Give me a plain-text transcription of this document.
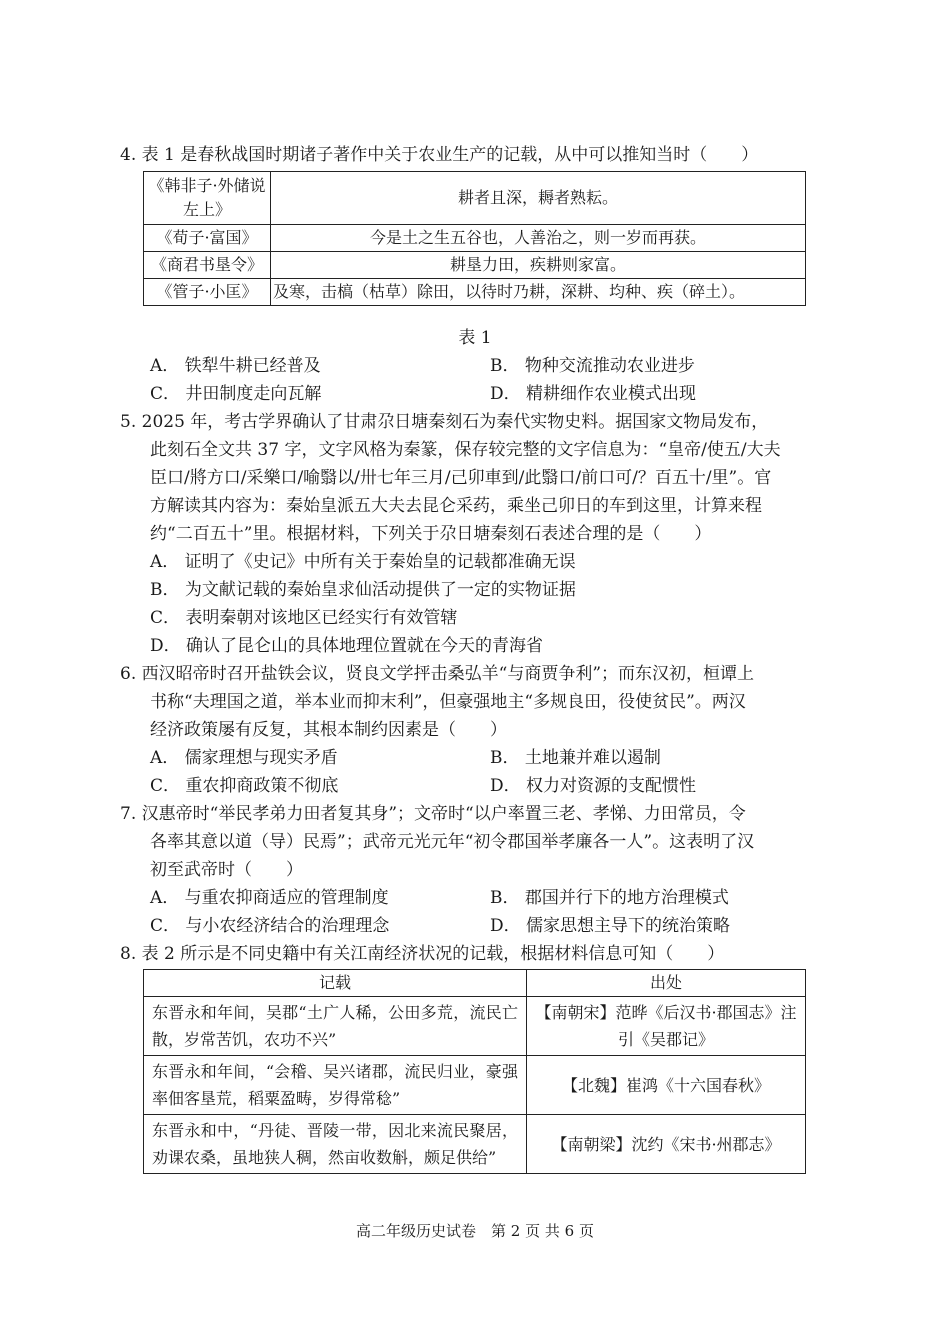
4. 表 1 是春秋战国时期诸子著作中关于农业生产的记载，从中可以推知当时（　　）
《韩非子·外储说左上》	耕者且深，耨者熟耘。
《荀子·富国》	今是土之生五谷也，人善治之，则一岁而再获。
《商君书垦令》	耕垦力田，疾耕则家富。
《管子·小匡》	及寒，击槁（枯草）除田，以待时乃耕，深耕、均种、疾（碎土）。
表 1
A． 铁犁牛耕已经普及	B． 物种交流推动农业进步
C． 井田制度走向瓦解	D． 精耕细作农业模式出现
5. 2025 年，考古学界确认了甘肃尕日塘秦刻石为秦代实物史料。据国家文物局发布，
此刻石全文共 37 字，文字风格为秦篆，保存较完整的文字信息为：“皇帝/使五/大夫
臣口/將方口/采樂口/喻翳以/卅七年三月/己卯車到/此翳口/前口可/？百五十/里”。官
方解读其内容为：秦始皇派五大夫去昆仑采药，乘坐己卯日的车到这里，计算来程
约“二百五十”里。根据材料，下列关于尕日塘秦刻石表述合理的是（　　）
A． 证明了《史记》中所有关于秦始皇的记载都准确无误
B． 为文献记载的秦始皇求仙活动提供了一定的实物证据
C． 表明秦朝对该地区已经实行有效管辖
D． 确认了昆仑山的具体地理位置就在今天的青海省
6. 西汉昭帝时召开盐铁会议，贤良文学抨击桑弘羊“与商贾争利”；而东汉初，桓谭上
书称“夫理国之道，举本业而抑末利”，但豪强地主“多规良田，役使贫民”。两汉
经济政策屡有反复，其根本制约因素是（　　）
A． 儒家理想与现实矛盾	B． 土地兼并难以遏制
C． 重农抑商政策不彻底	D． 权力对资源的支配惯性
7. 汉惠帝时“举民孝弟力田者复其身”；文帝时“以户率置三老、孝悌、力田常员，令
各率其意以道（导）民焉”；武帝元光元年“初令郡国举孝廉各一人”。这表明了汉
初至武帝时（　　）
A． 与重农抑商适应的管理制度	B． 郡国并行下的地方治理模式
C． 与小农经济结合的治理理念	D． 儒家思想主导下的统治策略
8. 表 2 所示是不同史籍中有关江南经济状况的记载，根据材料信息可知（　　）
记载	出处
东晋永和年间，吴郡“土广人稀，公田多荒，流民亡散，岁常苦饥，农功不兴”	【南朝宋】范晔《后汉书·郡国志》注引《吴郡记》
东晋永和年间，“会稽、吴兴诸郡，流民归业，豪强率佃客垦荒，稻粟盈畴，岁得常稔”	【北魏】崔鸿《十六国春秋》
东晋永和中，“丹徒、晋陵一带，因北来流民聚居，劝课农桑，虽地狭人稠，然亩收数斛，颇足供给”	【南朝梁】沈约《宋书·州郡志》
高二年级历史试卷　第 2 页 共 6 页
